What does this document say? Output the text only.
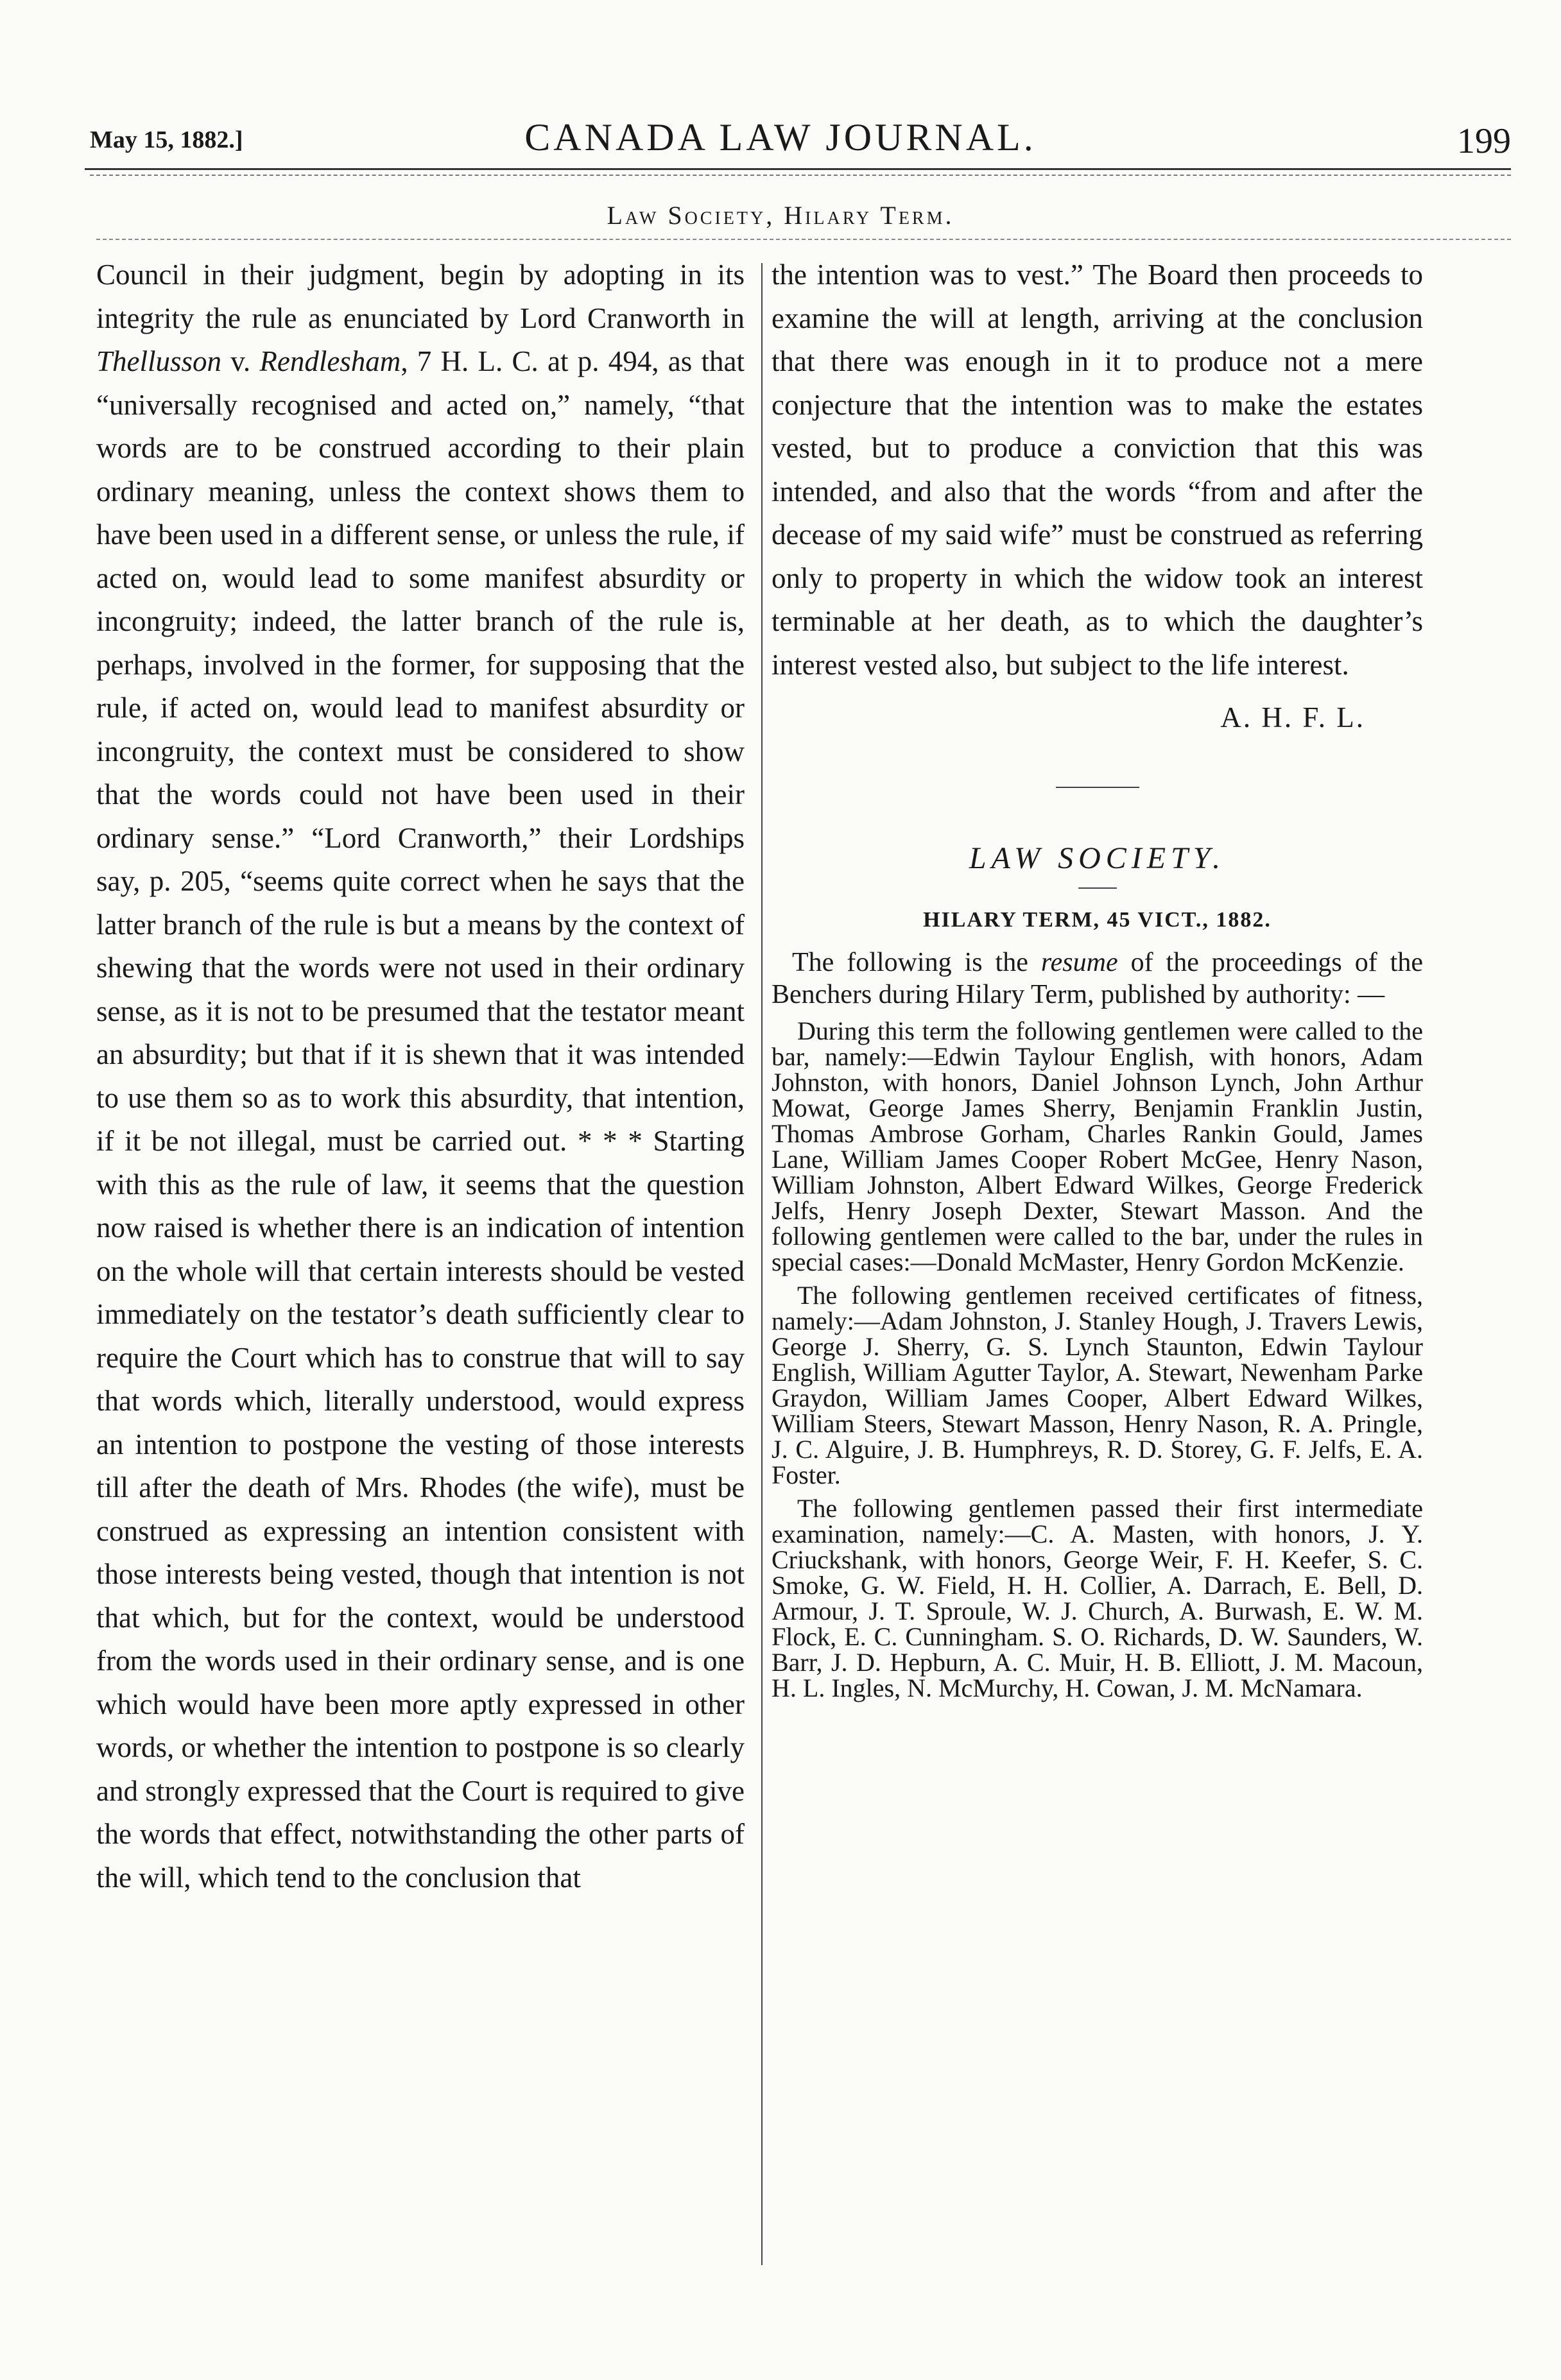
May 15, 1882.]	CANADA LAW JOURNAL.	199
Law Society, Hilary Term.

Council in their judgment, begin by adopting in its integrity the rule as enunciated by Lord Cranworth in Thellusson v. Rendlesham, 7 H. L. C. at p. 494, as that “universally recognised and acted on,” namely, “that words are to be construed according to their plain ordinary meaning, unless the context shows them to have been used in a different sense, or unless the rule, if acted on, would lead to some manifest absurdity or incongruity; indeed, the latter branch of the rule is, perhaps, involved in the former, for supposing that the rule, if acted on, would lead to manifest absurdity or incongruity, the context must be considered to show that the words could not have been used in their ordinary sense.” “Lord Cranworth,” their Lordships say, p. 205, “seems quite correct when he says that the latter branch of the rule is but a means by the context of shewing that the words were not used in their ordinary sense, as it is not to be presumed that the testator meant an absurdity; but that if it is shewn that it was intended to use them so as to work this absurdity, that intention, if it be not illegal, must be carried out. * * * Starting with this as the rule of law, it seems that the question now raised is whether there is an indication of intention on the whole will that certain interests should be vested immediately on the testator’s death sufficiently clear to require the Court which has to construe that will to say that words which, literally understood, would express an intention to postpone the vesting of those interests till after the death of Mrs. Rhodes (the wife), must be construed as expressing an intention consistent with those interests being vested, though that intention is not that which, but for the context, would be understood from the words used in their ordinary sense, and is one which would have been more aptly expressed in other words, or whether the intention to postpone is so clearly and strongly expressed that the Court is required to give the words that effect, notwithstanding the other parts of the will, which tend to the conclusion that

the intention was to vest.” The Board then proceeds to examine the will at length, arriving at the conclusion that there was enough in it to produce not a mere conjecture that the intention was to make the estates vested, but to produce a conviction that this was intended, and also that the words “from and after the decease of my said wife” must be construed as referring only to property in which the widow took an interest terminable at her death, as to which the daughter’s interest vested also, but subject to the life interest.

A. H. F. L.
LAW SOCIETY.
HILARY TERM, 45 VICT., 1882.

The following is the resume of the proceedings of the Benchers during Hilary Term, published by authority: —

During this term the following gentlemen were called to the bar, namely:—Edwin Taylour English, with honors, Adam Johnston, with honors, Daniel Johnson Lynch, John Arthur Mowat, George James Sherry, Benjamin Franklin Justin, Thomas Ambrose Gorham, Charles Rankin Gould, James Lane, William James Cooper Robert McGee, Henry Nason, William Johnston, Albert Edward Wilkes, George Frederick Jelfs, Henry Joseph Dexter, Stewart Masson. And the following gentlemen were called to the bar, under the rules in special cases:—Donald McMaster, Henry Gordon McKenzie.

The following gentlemen received certificates of fitness, namely:—Adam Johnston, J. Stanley Hough, J. Travers Lewis, George J. Sherry, G. S. Lynch Staunton, Edwin Taylour English, William Agutter Taylor, A. Stewart, Newenham Parke Graydon, William James Cooper, Albert Edward Wilkes, William Steers, Stewart Masson, Henry Nason, R. A. Pringle, J. C. Alguire, J. B. Humphreys, R. D. Storey, G. F. Jelfs, E. A. Foster.

The following gentlemen passed their first intermediate examination, namely:—C. A. Masten, with honors, J. Y. Criuckshank, with honors, George Weir, F. H. Keefer, S. C. Smoke, G. W. Field, H. H. Collier, A. Darrach, E. Bell, D. Armour, J. T. Sproule, W. J. Church, A. Burwash, E. W. M. Flock, E. C. Cunningham. S. O. Richards, D. W. Saunders, W. Barr, J. D. Hepburn, A. C. Muir, H. B. Elliott, J. M. Macoun, H. L. Ingles, N. McMurchy, H. Cowan, J. M. McNamara.
